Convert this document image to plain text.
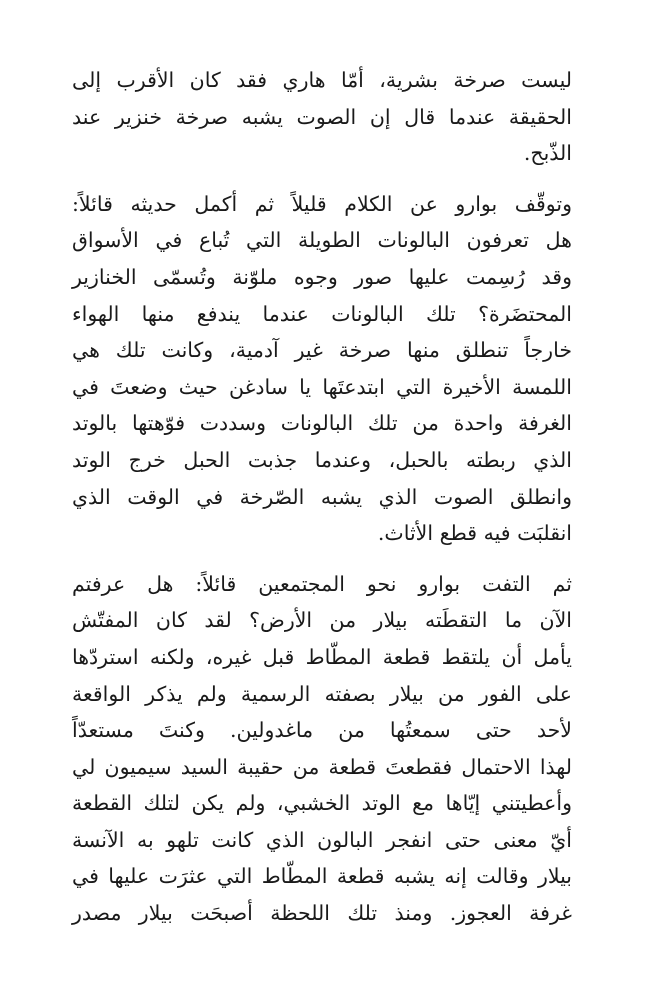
ليست صرخة بشرية، أمّا هاري فقد كان الأقرب إلى
الحقيقة عندما قال إن الصوت يشبه صرخة خنزير عند
الذّبح.

وتوقّف بوارو عن الكلام قليلاً ثم أكمل حديثه قائلاً:
هل تعرفون البالونات الطويلة التي تُباع في الأسواق
وقد رُسِمت عليها صور وجوه ملوّنة وتُسمّى الخنازير
المحتضَرة؟ تلك البالونات عندما يندفع منها الهواء
خارجاً تنطلق منها صرخة غير آدمية، وكانت تلك هي
اللمسة الأخيرة التي ابتدعتَها يا سادغن حيث وضعتَ في
الغرفة واحدة من تلك البالونات وسددت فوّهتها بالوتد
الذي ربطته بالحبل، وعندما جذبت الحبل خرج الوتد
وانطلق الصوت الذي يشبه الصّرخة في الوقت الذي
انقلبَت فيه قطع الأثاث.

ثم التفت بوارو نحو المجتمعين قائلاً: هل عرفتم
الآن ما التقطَته بيلار من الأرض؟ لقد كان المفتّش
يأمل أن يلتقط قطعة المطّاط قبل غيره، ولكنه استردّها
على الفور من بيلار بصفته الرسمية ولم يذكر الواقعة
لأحد حتى سمعتُها من ماغدولين. وكنتَ مستعدّاً
لهذا الاحتمال فقطعتَ قطعة من حقيبة السيد سيميون لي
وأعطيتني إيّاها مع الوتد الخشبي، ولم يكن لتلك القطعة
أيّ معنى حتى انفجر البالون الذي كانت تلهو به الآنسة
بيلار وقالت إنه يشبه قطعة المطّاط التي عثرَت عليها في
غرفة العجوز. ومنذ تلك اللحظة أصبحَت بيلار مصدر
